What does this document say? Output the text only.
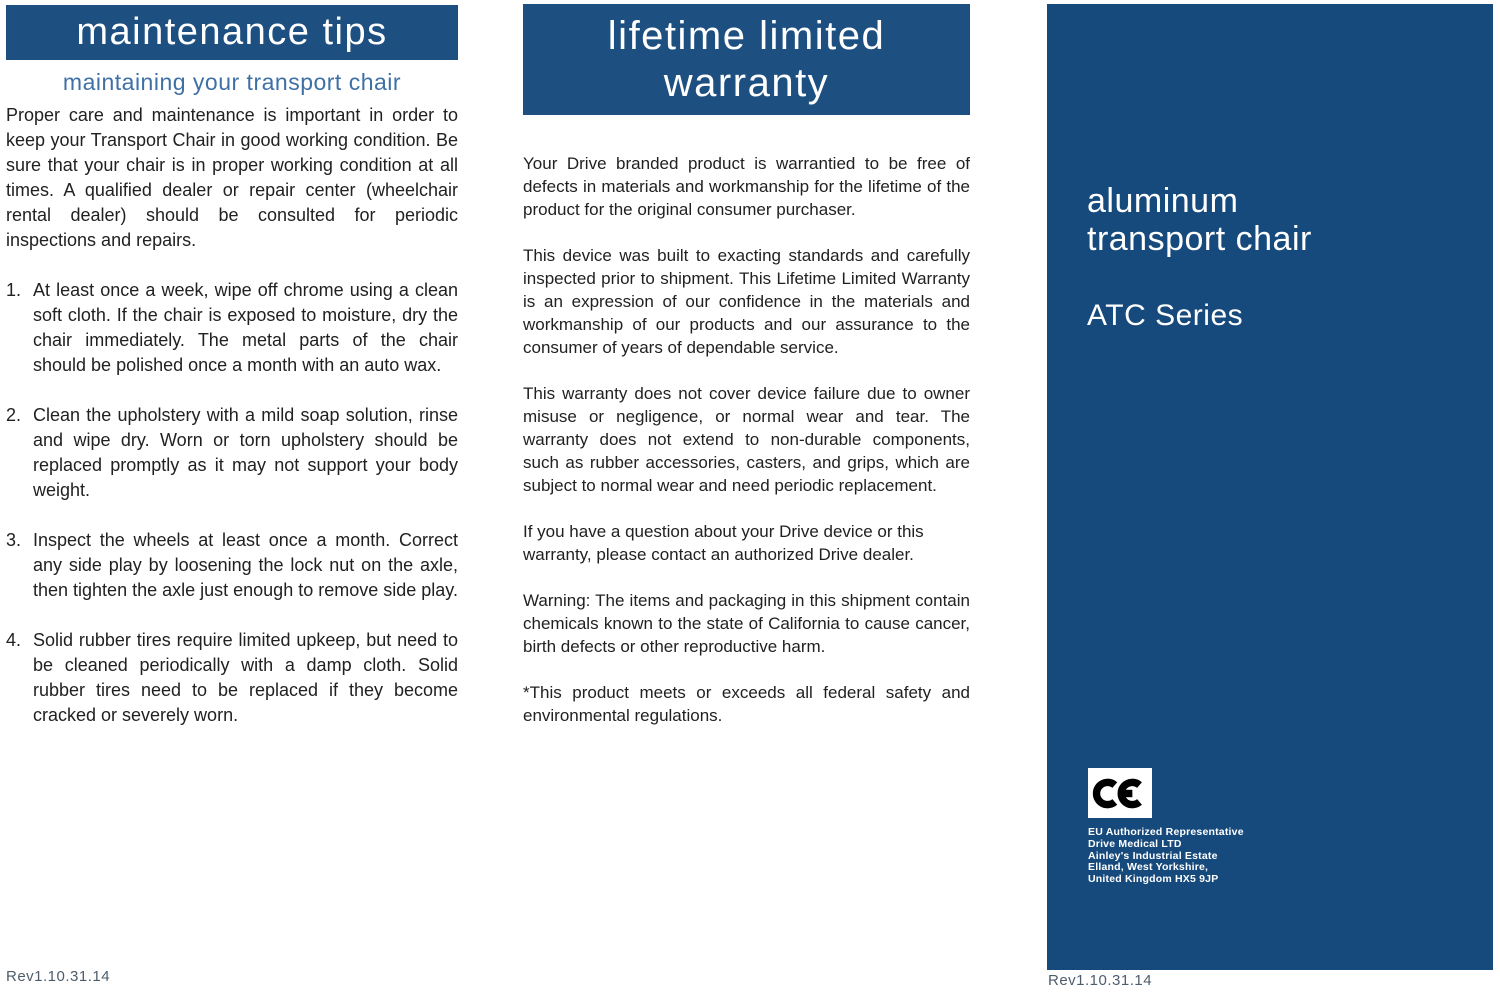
maintenance tips
maintaining your transport chair
Proper care and maintenance is important in order to keep your Transport Chair in good working condition. Be sure that your chair is in proper working condition at all times. A qualified dealer or repair center (wheelchair rental dealer) should be consulted for periodic inspections and repairs.
1. At least once a week, wipe off chrome using a clean soft cloth. If the chair is exposed to moisture, dry the chair immediately. The metal parts of the chair should be polished once a month with an auto wax.
2. Clean the upholstery with a mild soap solution, rinse and wipe dry. Worn or torn upholstery should be replaced promptly as it may not support your body weight.
3. Inspect the wheels at least once a month. Correct any side play by loosening the lock nut on the axle, then tighten the axle just enough to remove side play.
4. Solid rubber tires require limited upkeep, but need to be cleaned periodically with a damp cloth. Solid rubber tires need to be replaced if they become cracked or severely worn.
lifetime limited warranty

Your Drive branded product is warrantied to be free of defects in materials and workmanship for the lifetime of the product for the original consumer purchaser.

This device was built to exacting standards and carefully inspected prior to shipment. This Lifetime Limited Warranty is an expression of our confidence in the materials and workmanship of our products and our assurance to the consumer of years of dependable service.

This warranty does not cover device failure due to owner misuse or negligence, or normal wear and tear. The warranty does not extend to non-durable components, such as rubber accessories, casters, and grips, which are subject to normal wear and need periodic replacement.

If you have a question about your Drive device or this warranty, please contact an authorized Drive dealer.

Warning: The items and packaging in this shipment contain chemicals known to the state of California to cause cancer, birth defects or other reproductive harm.

*This product meets or exceeds all federal safety and environmental regulations.

aluminum
transport chair
ATC Series
EU Authorized Representative
Drive Medical LTD
Ainley's Industrial Estate
Elland, West Yorkshire,
United Kingdom HX5 9JP
Rev1.10.31.14	Rev1.10.31.14
